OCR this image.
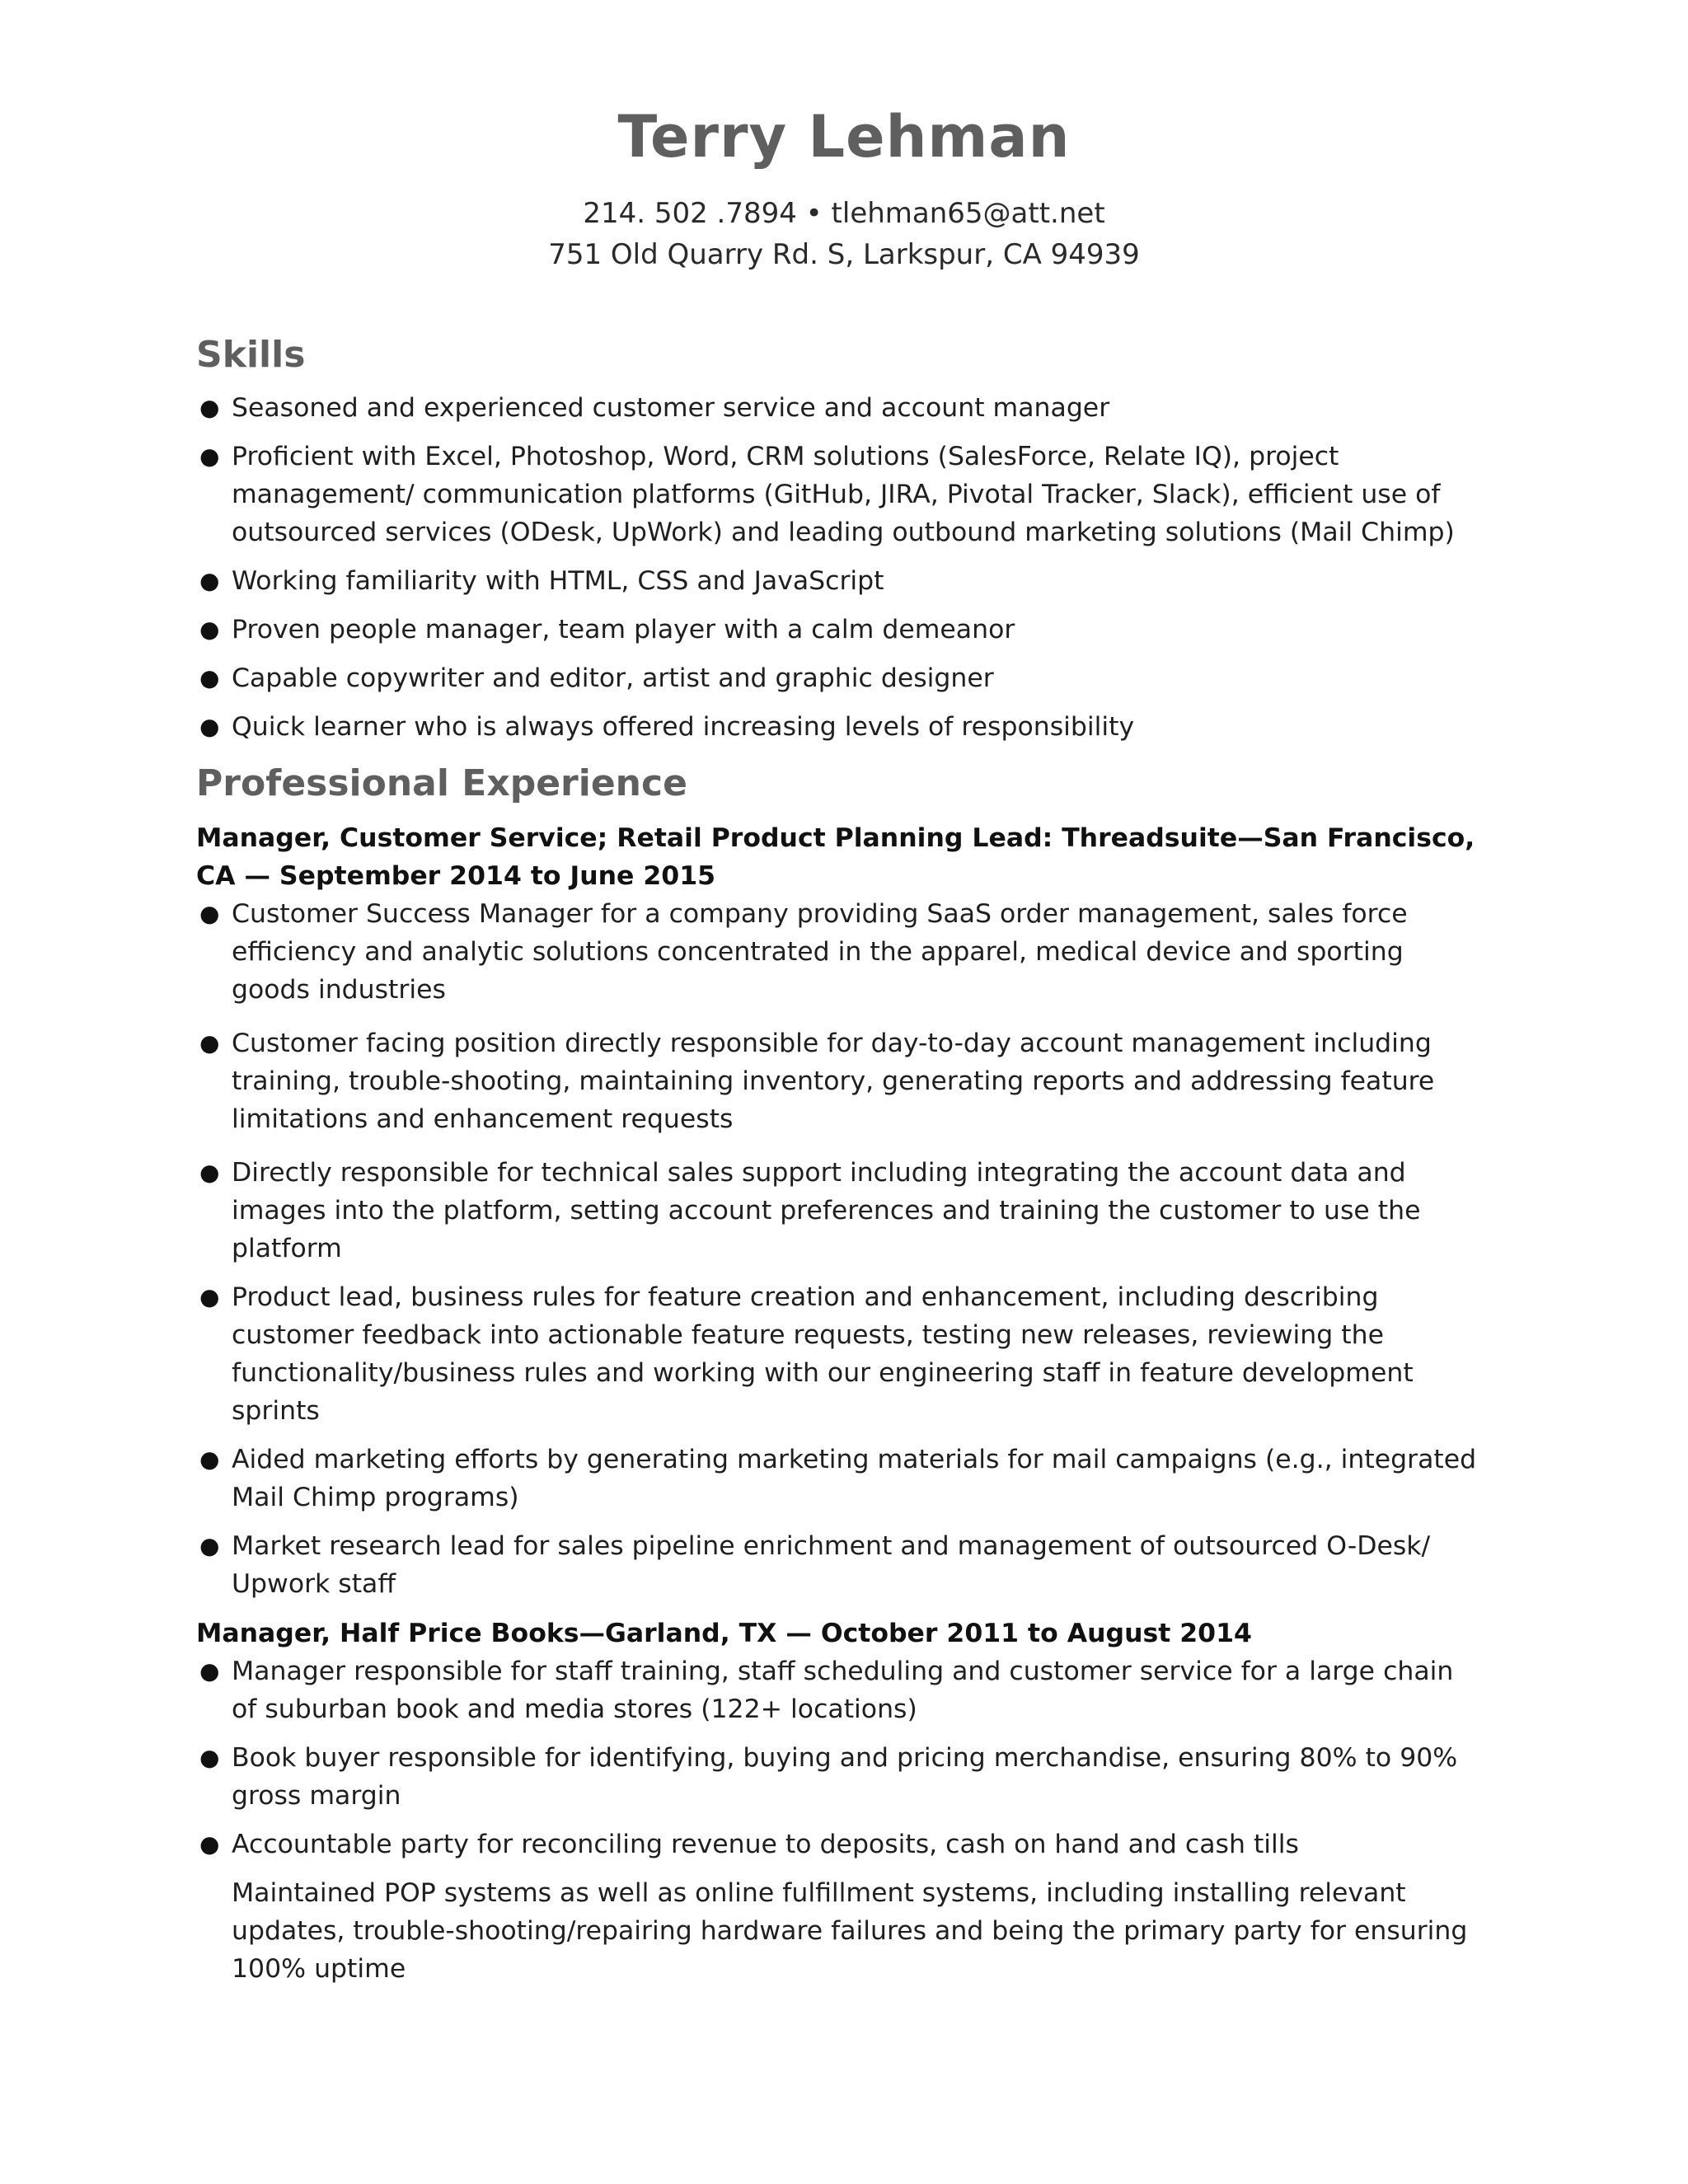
Terry Lehman

214. 502 .7894 • tlehman65@att.net

751 Old Quarry Rd. S, Larkspur, CA 94939

Skills
● Seasoned and experienced customer service and account manager
● Proficient with Excel, Photoshop, Word, CRM solutions (SalesForce, Relate IQ), project management/ communication platforms (GitHub, JIRA, Pivotal Tracker, Slack), efficient use of outsourced services (ODesk, UpWork) and leading outbound marketing solutions (Mail Chimp)
● Working familiarity with HTML, CSS and JavaScript
● Proven people manager, team player with a calm demeanor
● Capable copywriter and editor, artist and graphic designer
● Quick learner who is always offered increasing levels of responsibility
Professional Experience

Manager, Customer Service; Retail Product Planning Lead: Threadsuite—San Francisco, CA — September 2014 to June 2015

● Customer Success Manager for a company providing SaaS order management, sales force efficiency and analytic solutions concentrated in the apparel, medical device and sporting goods industries
● Customer facing position directly responsible for day-to-day account management including training, trouble-shooting, maintaining inventory, generating reports and addressing feature limitations and enhancement requests
● Directly responsible for technical sales support including integrating the account data and images into the platform, setting account preferences and training the customer to use the platform
● Product lead, business rules for feature creation and enhancement, including describing customer feedback into actionable feature requests, testing new releases, reviewing the functionality/business rules and working with our engineering staff in feature development sprints
● Aided marketing efforts by generating marketing materials for mail campaigns (e.g., integrated Mail Chimp programs)
● Market research lead for sales pipeline enrichment and management of outsourced O-Desk/ Upwork staff

Manager, Half Price Books—Garland, TX — October 2011 to August 2014

● Manager responsible for staff training, staff scheduling and customer service for a large chain of suburban book and media stores (122+ locations)
● Book buyer responsible for identifying, buying and pricing merchandise, ensuring 80% to 90% gross margin
● Accountable party for reconciling revenue to deposits, cash on hand and cash tills
Maintained POP systems as well as online fulfillment systems, including installing relevant updates, trouble-shooting/repairing hardware failures and being the primary party for ensuring 100% uptime
